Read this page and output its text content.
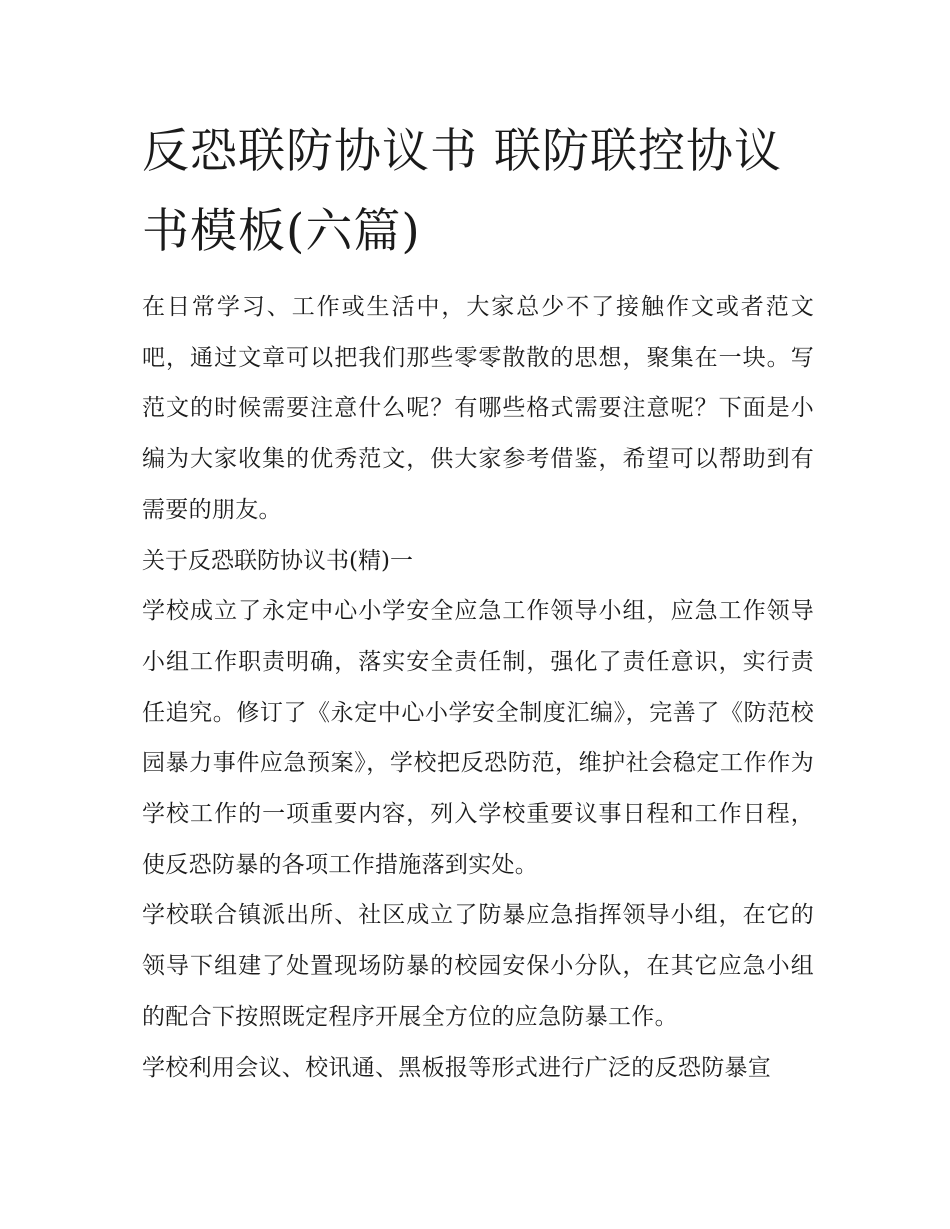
反恐联防协议书 联防联控协议书模板(六篇)

在日常学习、工作或生活中，大家总少不了接触作文或者范文吧，通过文章可以把我们那些零零散散的思想，聚集在一块。写范文的时候需要注意什么呢？有哪些格式需要注意呢？下面是小编为大家收集的优秀范文，供大家参考借鉴，希望可以帮助到有需要的朋友。

关于反恐联防协议书(精)一

学校成立了永定中心小学安全应急工作领导小组，应急工作领导小组工作职责明确，落实安全责任制，强化了责任意识，实行责任追究。修订了《永定中心小学安全制度汇编》，完善了《防范校园暴力事件应急预案》，学校把反恐防范，维护社会稳定工作作为学校工作的一项重要内容，列入学校重要议事日程和工作日程，使反恐防暴的各项工作措施落到实处。

学校联合镇派出所、社区成立了防暴应急指挥领导小组，在它的领导下组建了处置现场防暴的校园安保小分队，在其它应急小组的配合下按照既定程序开展全方位的应急防暴工作。

学校利用会议、校讯通、黑板报等形式进行广泛的反恐防暴宣
